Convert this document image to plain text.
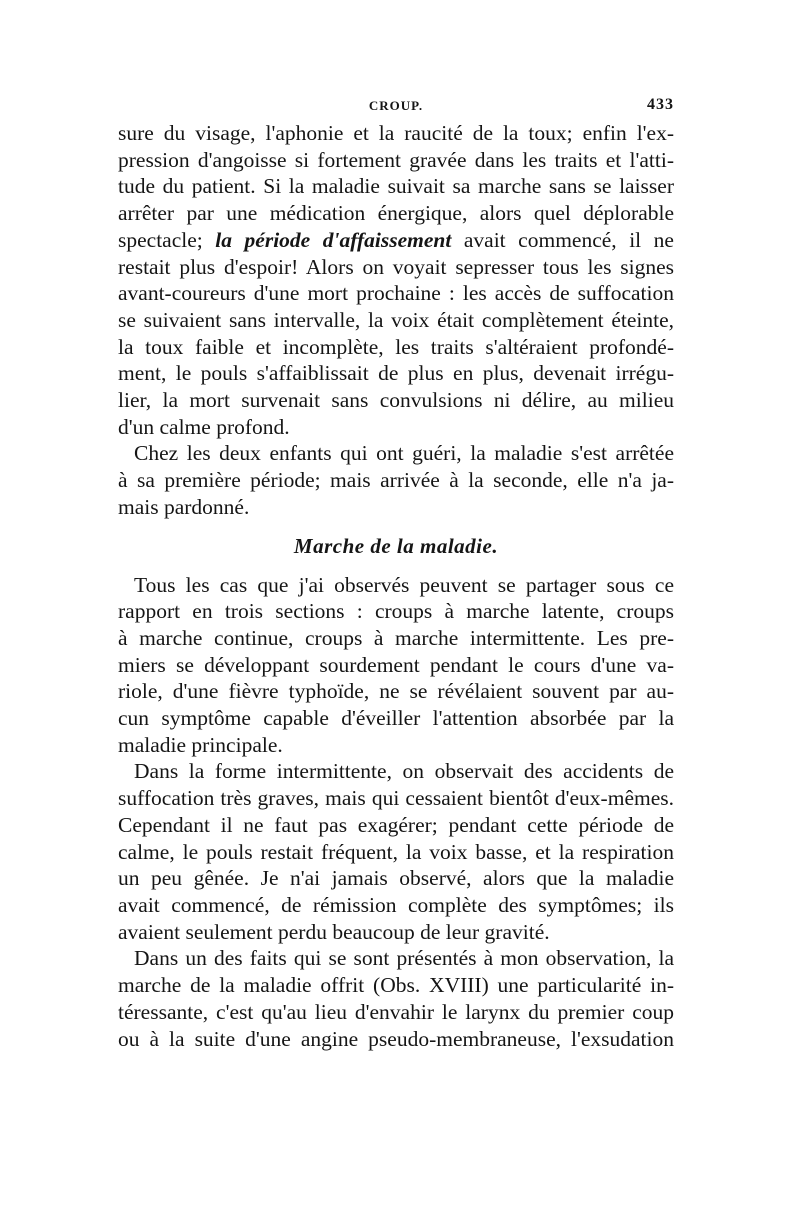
CROUP.	433
sure du visage, l'aphonie et la raucité de la toux; enfin l'ex-
pression d'angoisse si fortement gravée dans les traits et l'atti-
tude du patient. Si la maladie suivait sa marche sans se laisser
arrêter par une médication énergique, alors quel déplorable
spectacle; la période d'affaissement avait commencé, il ne
restait plus d'espoir! Alors on voyait sepresser tous les signes
avant-coureurs d'une mort prochaine : les accès de suffocation
se suivaient sans intervalle, la voix était complètement éteinte,
la toux faible et incomplète, les traits s'altéraient profondé-
ment, le pouls s'affaiblissait de plus en plus, devenait irrégu-
lier, la mort survenait sans convulsions ni délire, au milieu
d'un calme profond.
Chez les deux enfants qui ont guéri, la maladie s'est arrêtée
à sa première période; mais arrivée à la seconde, elle n'a ja-
mais pardonné.
Marche de la maladie.
Tous les cas que j'ai observés peuvent se partager sous ce
rapport en trois sections : croups à marche latente, croups
à marche continue, croups à marche intermittente. Les pre-
miers se développant sourdement pendant le cours d'une va-
riole, d'une fièvre typhoïde, ne se révélaient souvent par au-
cun symptôme capable d'éveiller l'attention absorbée par la
maladie principale.
Dans la forme intermittente, on observait des accidents de
suffocation très graves, mais qui cessaient bientôt d'eux-mêmes.
Cependant il ne faut pas exagérer; pendant cette période de
calme, le pouls restait fréquent, la voix basse, et la respiration
un peu gênée. Je n'ai jamais observé, alors que la maladie
avait commencé, de rémission complète des symptômes; ils
avaient seulement perdu beaucoup de leur gravité.
Dans un des faits qui se sont présentés à mon observation, la
marche de la maladie offrit (Obs. XVIII) une particularité in-
téressante, c'est qu'au lieu d'envahir le larynx du premier coup
ou à la suite d'une angine pseudo-membraneuse, l'exsudation
